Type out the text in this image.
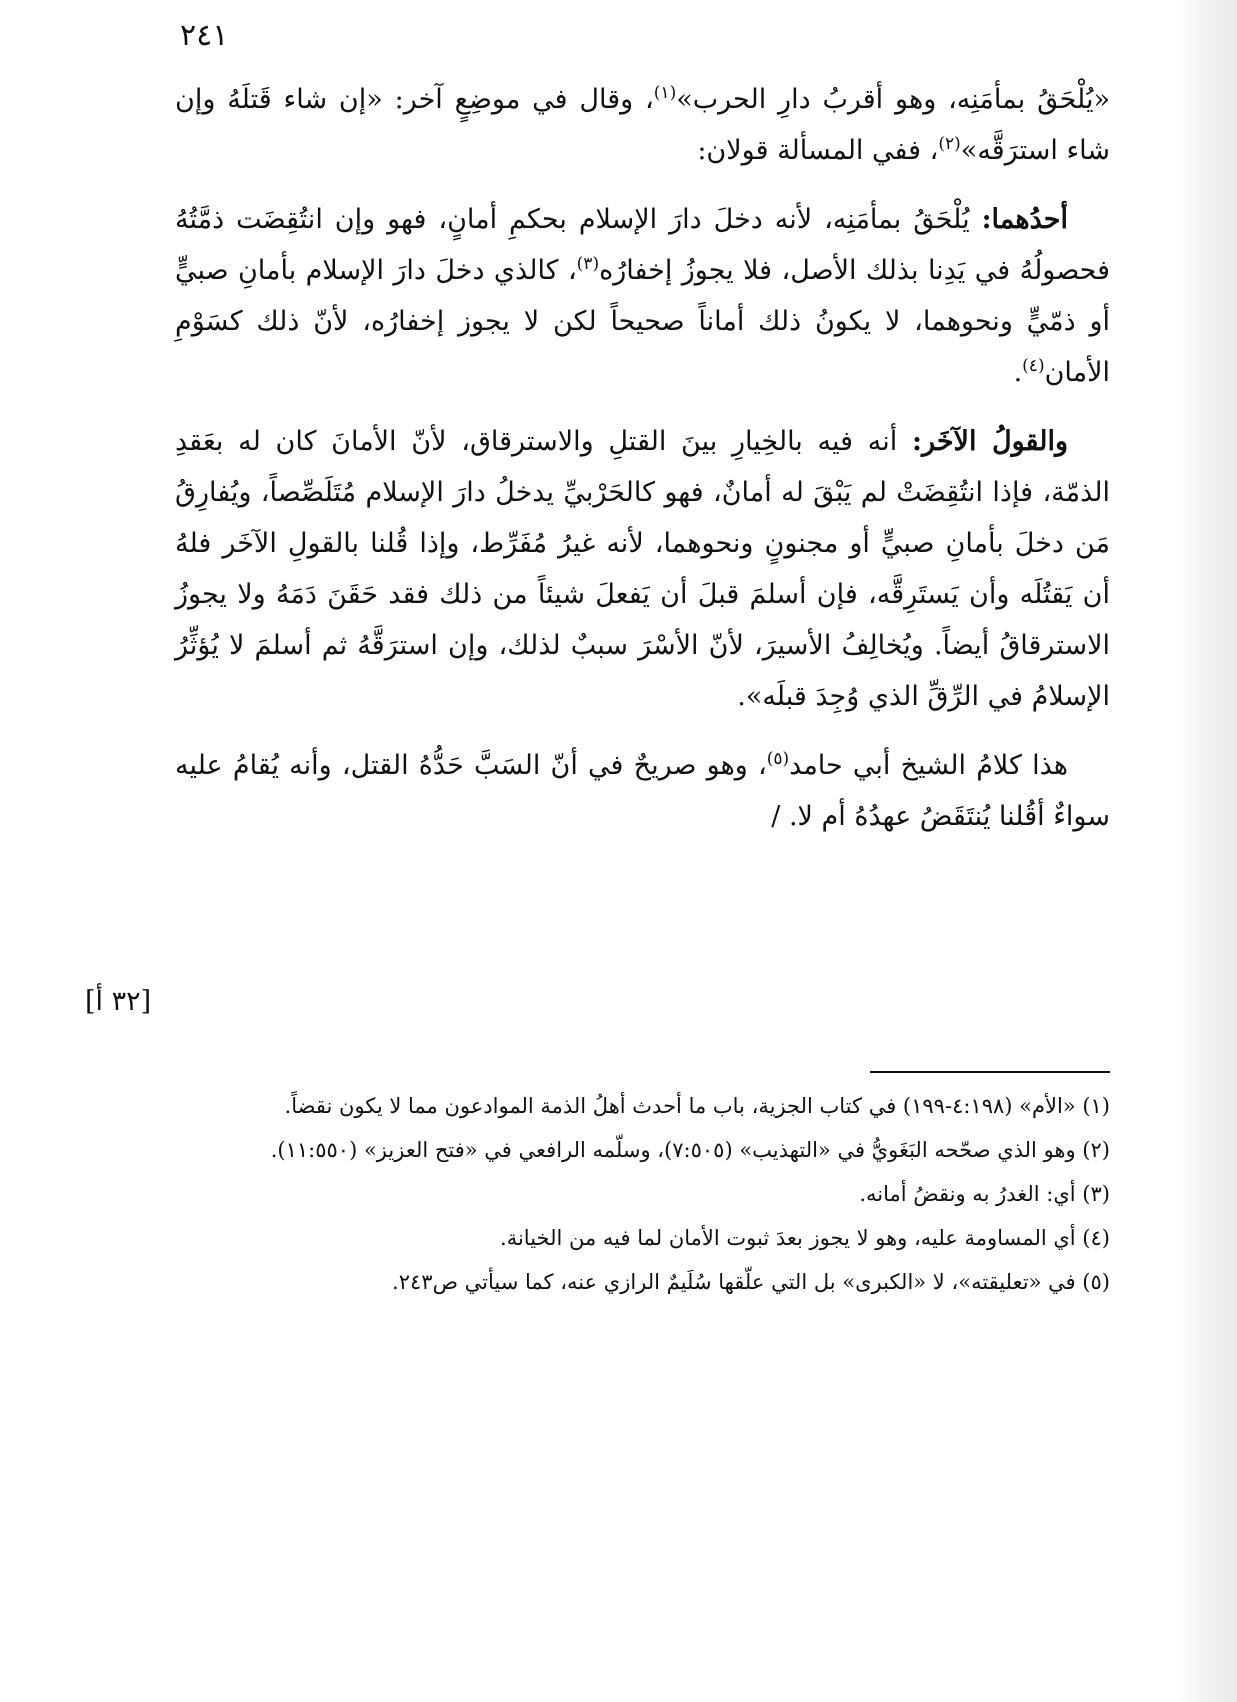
٢٤١

«يُلْحَقُ بمأمَنِه، وهو أقربُ دارِ الحرب»$^{(١)}$، وقال في موضِعٍ آخر: «إن شاء قَتلَهُ وإن شاء استرَقَّه»$^{(٢)}$، ففي المسألة قولان:

أحدُهما: يُلْحَقُ بمأمَنِه، لأنه دخلَ دارَ الإسلام بحكمِ أمانٍ، فهو وإن انتُقِضَت ذمَّتُهُ فحصولُهُ في يَدِنا بذلك الأصل، فلا يجوزُ إخفارُه$^{(٣)}$، كالذي دخلَ دارَ الإسلام بأمانِ صبيٍّ أو ذمّيٍّ ونحوهما، لا يكونُ ذلك أماناً صحيحاً لكن لا يجوز إخفارُه، لأنّ ذلك كسَوْمِ الأمان$^{(٤)}$.

والقولُ الآخَر: أنه فيه بالخِيارِ بينَ القتلِ والاسترقاق، لأنّ الأمانَ كان له بعَقدِ الذمّة، فإذا انتُقِضَتْ لم يَبْقَ له أمانٌ، فهو كالحَرْبيِّ يدخلُ دارَ الإسلام مُتَلَصِّصاً، ويُفارِقُ مَن دخلَ بأمانِ صبيٍّ أو مجنونٍ ونحوهما، لأنه غيرُ مُفَرِّط، وإذا قُلنا بالقولِ الآخَر فلهُ أن يَقتُلَه وأن يَستَرِقَّه، فإن أسلمَ قبلَ أن يَفعلَ شيئاً من ذلك فقد حَقَنَ دَمَهُ ولا يجوزُ الاسترقاقُ أيضاً. ويُخالِفُ الأسيرَ، لأنّ الأسْرَ سببٌ لذلك، وإن استرَقَّهُ ثم أسلمَ لا يُؤثِّرُ الإسلامُ في الرِّقِّ الذي وُجِدَ قبلَه».

هذا كلامُ الشيخ أبي حامد$^{(٥)}$، وهو صريحٌ في أنّ السَبَّ حَدُّهُ القتل، وأنه يُقامُ عليه سواءٌ أقُلنا يُنتَقَضُ عهدُهُ أم لا. /

[٣٢ أ]

(١) «الأم» (٤:١٩٨-١٩٩) في كتاب الجزية، باب ما أحدث أهلُ الذمة الموادعون مما لا يكون نقضاً.

(٢) وهو الذي صحّحه البَغَويُّ في «التهذيب» (٧:٥٠٥)، وسلّمه الرافعي في «فتح العزيز» (١١:٥٥٠).

(٣) أي: الغدرُ به ونقضُ أمانه.

(٤) أي المساومة عليه، وهو لا يجوز بعدَ ثبوت الأمان لما فيه من الخيانة.

(٥) في «تعليقته»، لا «الكبرى» بل التي علّقها سُلَيمٌ الرازي عنه، كما سيأتي ص٢٤٣.
